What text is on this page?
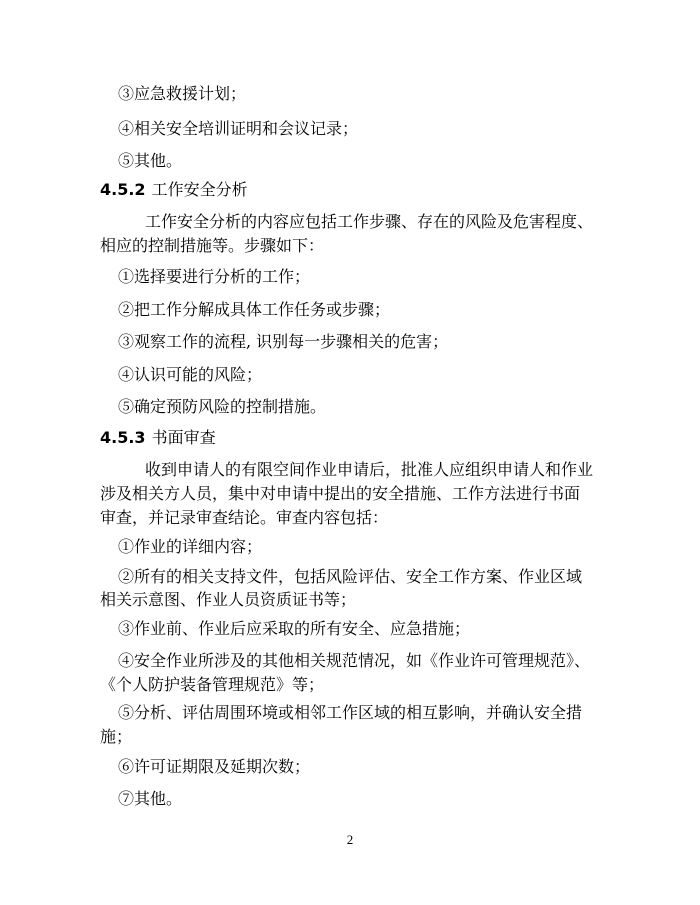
③应急救援计划；
④相关安全培训证明和会议记录；
⑤其他。
4.5.2 工作安全分析
工作安全分析的内容应包括工作步骤、存在的风险及危害程度、
相应的控制措施等。步骤如下：
①选择要进行分析的工作；
②把工作分解成具体工作任务或步骤；
③观察工作的流程, 识别每一步骤相关的危害；
④认识可能的风险；
⑤确定预防风险的控制措施。
4.5.3 书面审查
收到申请人的有限空间作业申请后，批准人应组织申请人和作业
涉及相关方人员，集中对申请中提出的安全措施、工作方法进行书面
审查，并记录审查结论。审查内容包括：
①作业的详细内容；
②所有的相关支持文件，包括风险评估、安全工作方案、作业区域
相关示意图、作业人员资质证书等；
③作业前、作业后应采取的所有安全、应急措施；
④安全作业所涉及的其他相关规范情况，如《作业许可管理规范》、
《个人防护装备管理规范》等；
⑤分析、评估周围环境或相邻工作区域的相互影响，并确认安全措
施；
⑥许可证期限及延期次数；
⑦其他。
2
